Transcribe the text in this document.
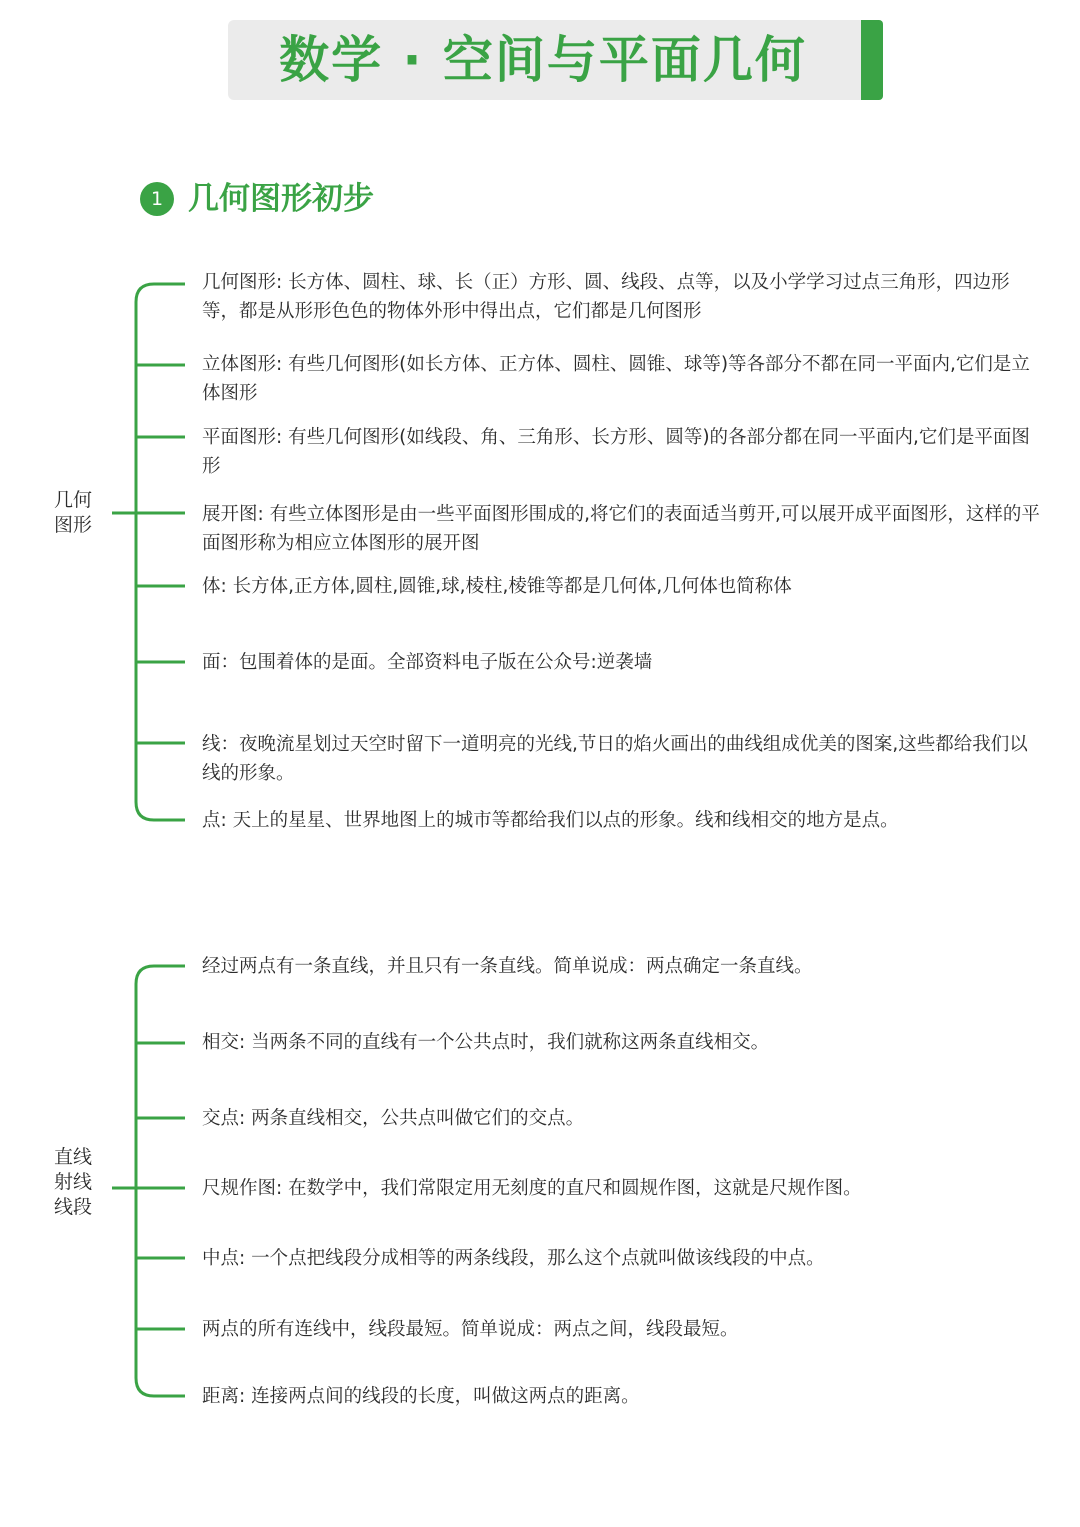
数学 · 空间与平面几何
1 几何图形初步
几何
图形
几何图形: 长方体、圆柱、球、长（正）方形、圆、线段、点等，以及小学学习过点三角形，四边形等，都是从形形色色的物体外形中得出点，它们都是几何图形
立体图形: 有些几何图形(如长方体、正方体、圆柱、圆锥、球等)等各部分不都在同一平面内,它们是立体图形
平面图形: 有些几何图形(如线段、角、三角形、长方形、圆等)的各部分都在同一平面内,它们是平面图形
展开图: 有些立体图形是由一些平面图形围成的,将它们的表面适当剪开,可以展开成平面图形，这样的平面图形称为相应立体图形的展开图
体: 长方体,正方体,圆柱,圆锥,球,棱柱,棱锥等都是几何体,几何体也简称体
面：包围着体的是面。全部资料电子版在公众号:逆袭墙
线：夜晚流星划过天空时留下一道明亮的光线,节日的焰火画出的曲线组成优美的图案,这些都给我们以线的形象。
点: 天上的星星、世界地图上的城市等都给我们以点的形象。线和线相交的地方是点。
直线
射线
线段
经过两点有一条直线，并且只有一条直线。简单说成：两点确定一条直线。
相交: 当两条不同的直线有一个公共点时，我们就称这两条直线相交。
交点: 两条直线相交，公共点叫做它们的交点。
尺规作图: 在数学中，我们常限定用无刻度的直尺和圆规作图，这就是尺规作图。
中点: 一个点把线段分成相等的两条线段，那么这个点就叫做该线段的中点。
两点的所有连线中，线段最短。简单说成：两点之间，线段最短。
距离: 连接两点间的线段的长度，叫做这两点的距离。
